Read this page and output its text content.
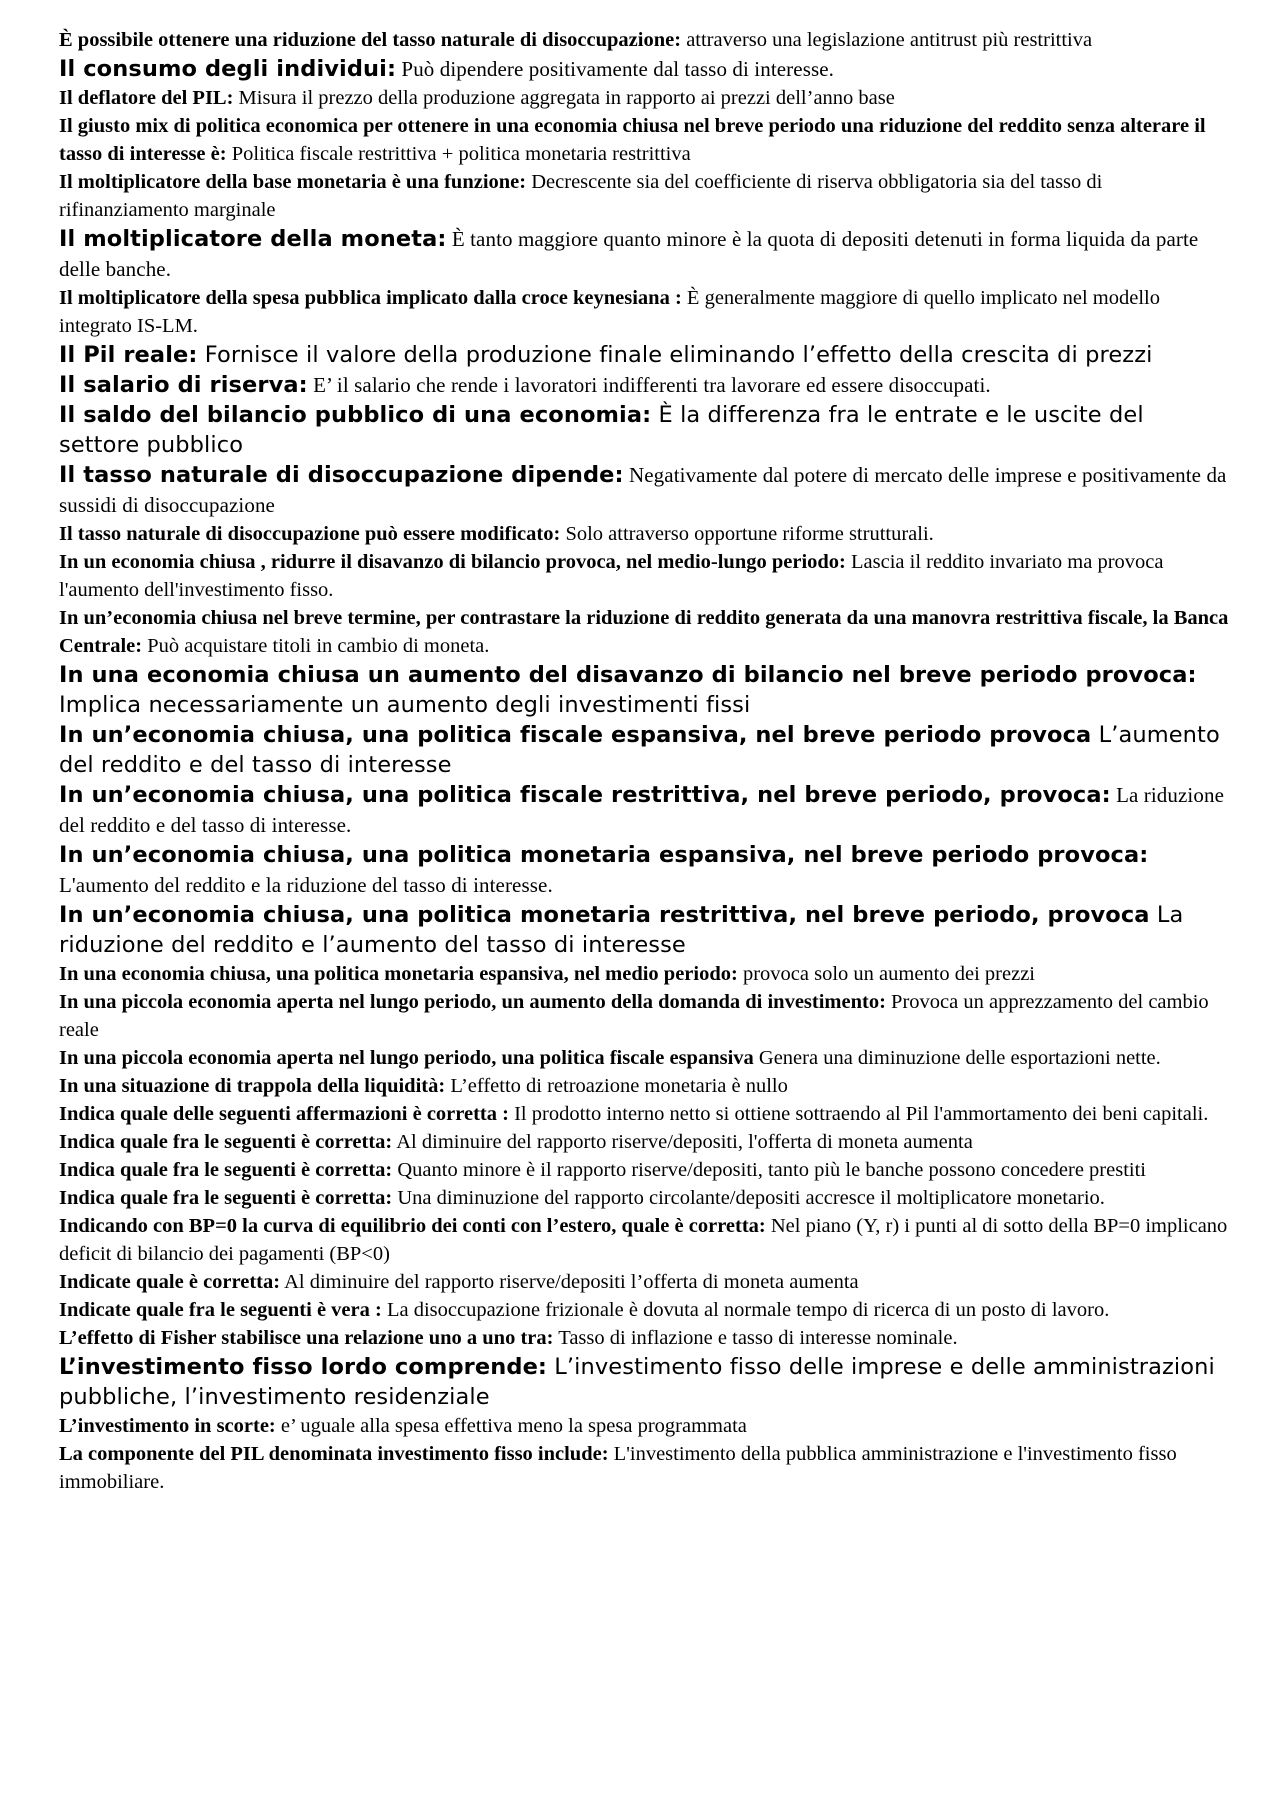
È possibile ottenere una riduzione del tasso naturale di disoccupazione: attraverso una legislazione antitrust più restrittiva

Il consumo degli individui: Può dipendere positivamente dal tasso di interesse.

Il deflatore del PIL: Misura il prezzo della produzione aggregata in rapporto ai prezzi dell’anno base

Il giusto mix di politica economica per ottenere in una economia chiusa nel breve periodo una riduzione del reddito senza alterare il tasso di interesse è: Politica fiscale restrittiva + politica monetaria restrittiva

Il moltiplicatore della base monetaria è una funzione: Decrescente sia del coefficiente di riserva obbligatoria sia del tasso di rifinanziamento marginale

Il moltiplicatore della moneta: È tanto maggiore quanto minore è la quota di depositi detenuti in forma liquida da parte delle banche.

Il moltiplicatore della spesa pubblica implicato dalla croce keynesiana : È generalmente maggiore di quello implicato nel modello integrato IS-LM.

Il Pil reale: Fornisce il valore della produzione finale eliminando l’effetto della crescita di prezzi

Il salario di riserva: E’ il salario che rende i lavoratori indifferenti tra lavorare ed essere disoccupati.

Il saldo del bilancio pubblico di una economia: È la differenza fra le entrate e le uscite del settore pubblico

Il tasso naturale di disoccupazione dipende: Negativamente dal potere di mercato delle imprese e positivamente da sussidi di disoccupazione

Il tasso naturale di disoccupazione può essere modificato: Solo attraverso opportune riforme strutturali.

In un economia chiusa , ridurre il disavanzo di bilancio provoca, nel medio-lungo periodo: Lascia il reddito invariato ma provoca l'aumento dell'investimento fisso.

In un’economia chiusa nel breve termine, per contrastare la riduzione di reddito generata da una manovra restrittiva fiscale, la Banca Centrale: Può acquistare titoli in cambio di moneta.

In una economia chiusa un aumento del disavanzo di bilancio nel breve periodo provoca: Implica necessariamente un aumento degli investimenti fissi

In un’economia chiusa, una politica fiscale espansiva, nel breve periodo provoca L’aumento del reddito e del tasso di interesse

In un’economia chiusa, una politica fiscale restrittiva, nel breve periodo, provoca: La riduzione del reddito e del tasso di interesse.

In un’economia chiusa, una politica monetaria espansiva, nel breve periodo provoca: L'aumento del reddito e la riduzione del tasso di interesse.

In un’economia chiusa, una politica monetaria restrittiva, nel breve periodo, provoca La riduzione del reddito e l’aumento del tasso di interesse

In una economia chiusa, una politica monetaria espansiva, nel medio periodo: provoca solo un aumento dei prezzi

In una piccola economia aperta nel lungo periodo, un aumento della domanda di investimento: Provoca un apprezzamento del cambio reale

In una piccola economia aperta nel lungo periodo, una politica fiscale espansiva Genera una diminuzione delle esportazioni nette.

In una situazione di trappola della liquidità: L’effetto di retroazione monetaria è nullo

Indica quale delle seguenti affermazioni è corretta : Il prodotto interno netto si ottiene sottraendo al Pil l'ammortamento dei beni capitali.

Indica quale fra le seguenti è corretta: Al diminuire del rapporto riserve/depositi, l'offerta di moneta aumenta

Indica quale fra le seguenti è corretta: Quanto minore è il rapporto riserve/depositi, tanto più le banche possono concedere prestiti

Indica quale fra le seguenti è corretta: Una diminuzione del rapporto circolante/depositi accresce il moltiplicatore monetario.

Indicando con BP=0 la curva di equilibrio dei conti con l’estero, quale è corretta: Nel piano (Y, r) i punti al di sotto della BP=0 implicano deficit di bilancio dei pagamenti (BP<0)

Indicate quale è corretta: Al diminuire del rapporto riserve/depositi l’offerta di moneta aumenta

Indicate quale fra le seguenti è vera : La disoccupazione frizionale è dovuta al normale tempo di ricerca di un posto di lavoro.

L’effetto di Fisher stabilisce una relazione uno a uno tra: Tasso di inflazione e tasso di interesse nominale.

L’investimento fisso lordo comprende: L’investimento fisso delle imprese e delle amministrazioni pubbliche, l’investimento residenziale

L’investimento in scorte: e’ uguale alla spesa effettiva meno la spesa programmata

La componente del PIL denominata investimento fisso include: L'investimento della pubblica amministrazione e l'investimento fisso immobiliare.
